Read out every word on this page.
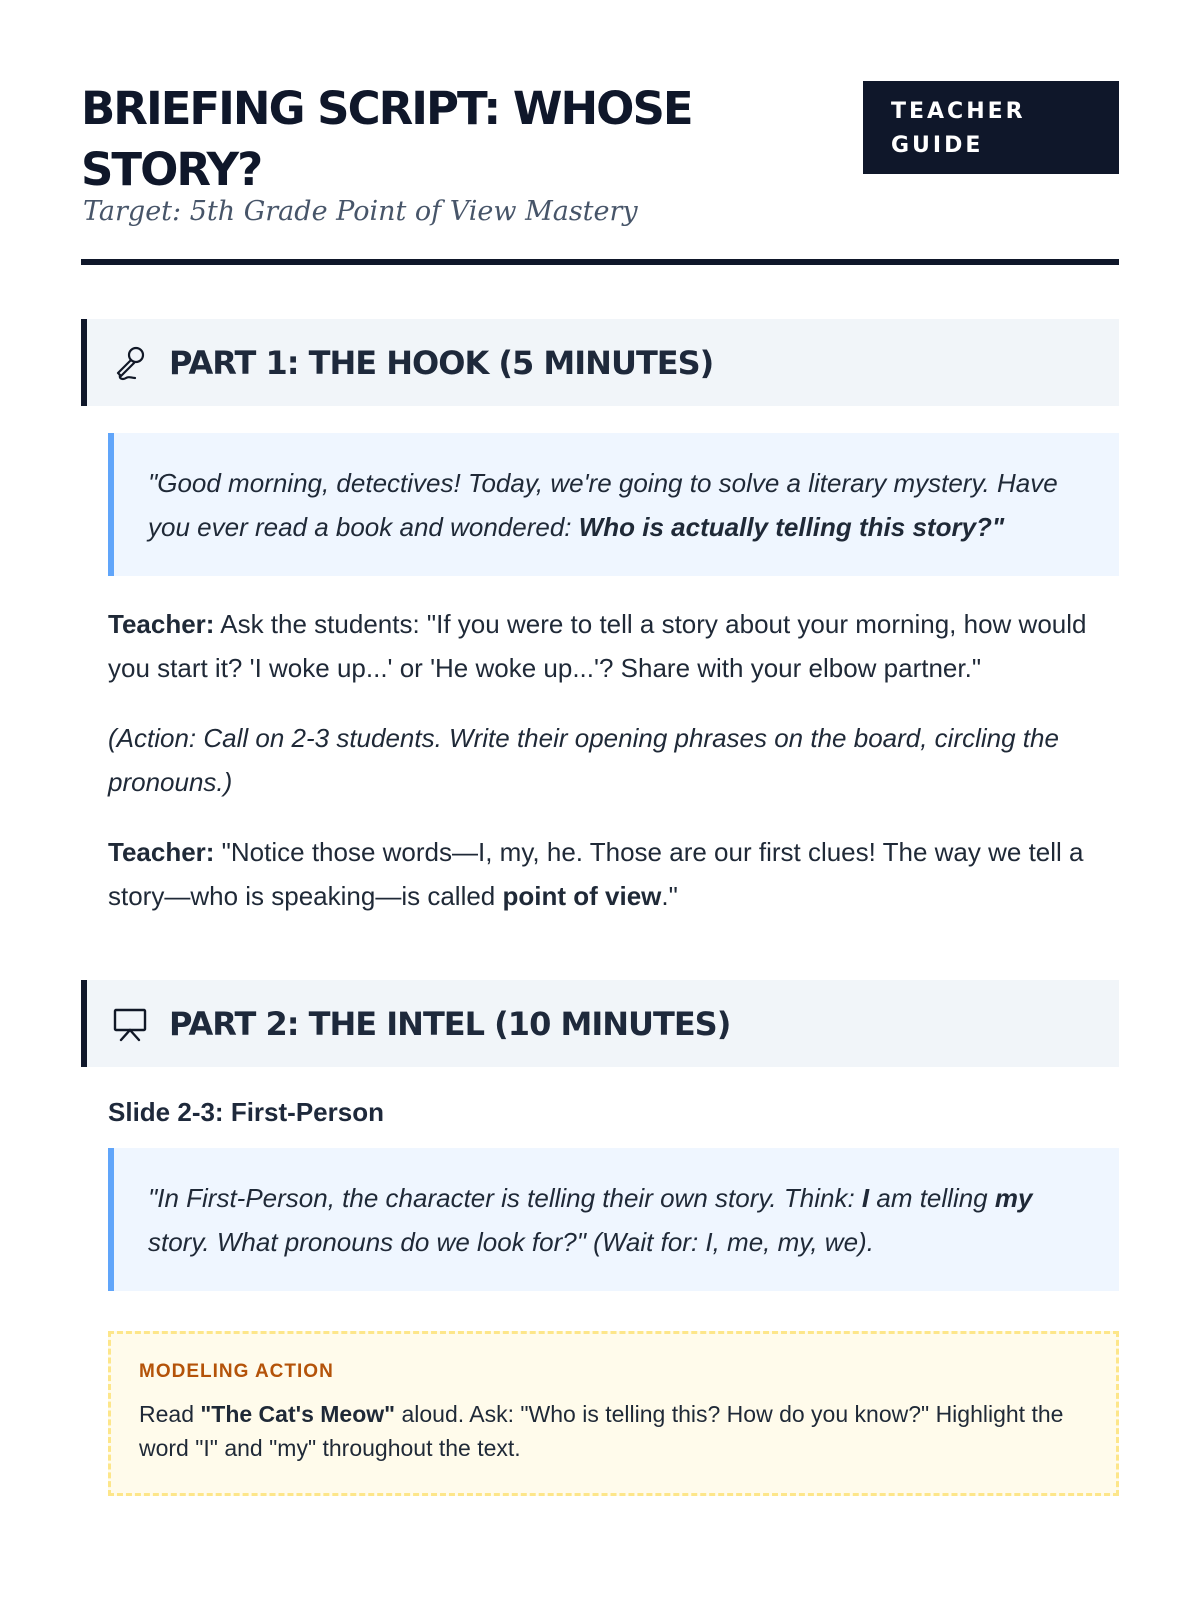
BRIEFING SCRIPT: WHOSE STORY?
Target: 5th Grade Point of View Mastery
TEACHER GUIDE
PART 1: THE HOOK (5 MINUTES)
"Good morning, detectives! Today, we're going to solve a literary mystery. Have you ever read a book and wondered: Who is actually telling this story?"

Teacher: Ask the students: "If you were to tell a story about your morning, how would you start it? 'I woke up...' or 'He woke up...'? Share with your elbow partner."

(Action: Call on 2-3 students. Write their opening phrases on the board, circling the pronouns.)

Teacher: "Notice those words—I, my, he. Those are our first clues! The way we tell a story—who is speaking—is called point of view."

PART 2: THE INTEL (10 MINUTES)
Slide 2-3: First-Person
"In First-Person, the character is telling their own story. Think: I am telling my story. What pronouns do we look for?" (Wait for: I, me, my, we).
MODELING ACTION
Read "The Cat's Meow" aloud. Ask: "Who is telling this? How do you know?" Highlight the word "I" and "my" throughout the text.
